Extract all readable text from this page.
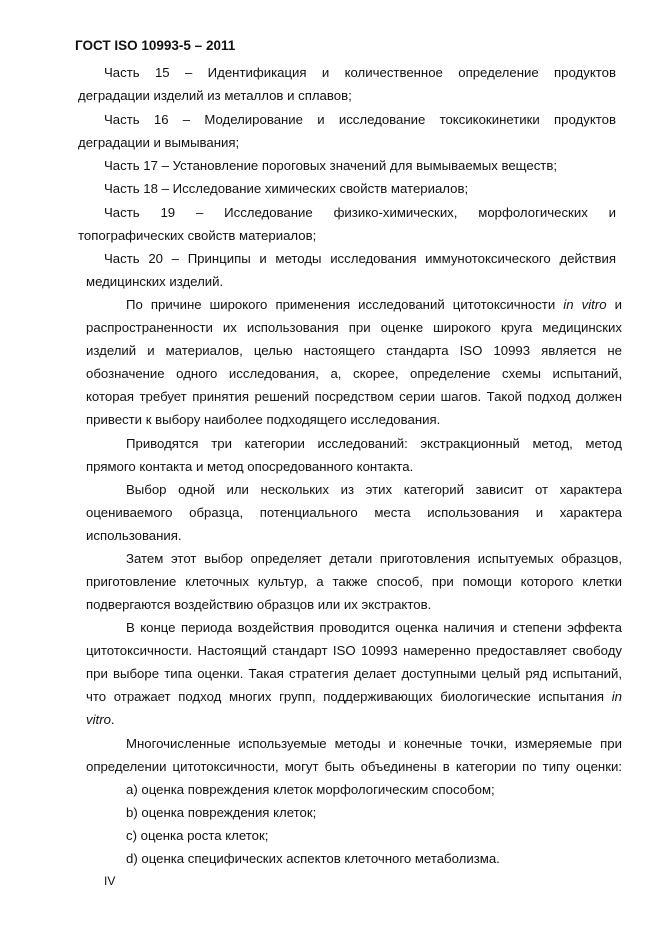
ГОСТ ISO 10993-5 – 2011
Часть 15 – Идентификация и количественное определение продуктов
деградации изделий из металлов и сплавов;
Часть 16 – Моделирование и исследование токсикокинетики продуктов
деградации и вымывания;
Часть 17 – Установление пороговых значений для вымываемых веществ;
Часть 18 – Исследование химических свойств материалов;
Часть 19 – Исследование физико-химических, морфологических и
топографических свойств материалов;
Часть 20 – Принципы и методы исследования иммунотоксического действия
медицинских изделий.
По причине широкого применения исследований цитотоксичности in vitro и
распространенности их использования при оценке широкого круга медицинских
изделий и материалов, целью настоящего стандарта ISO 10993 является не
обозначение одного исследования, а, скорее, определение схемы испытаний,
которая требует принятия решений посредством серии шагов. Такой подход должен
привести к выбору наиболее подходящего исследования.
Приводятся три категории исследований: экстракционный метод, метод
прямого контакта и метод опосредованного контакта.
Выбор одной или нескольких из этих категорий зависит от характера
оцениваемого образца, потенциального места использования и характера
использования.
Затем этот выбор определяет детали приготовления испытуемых образцов,
приготовление клеточных культур, а также способ, при помощи которого клетки
подвергаются воздействию образцов или их экстрактов.
В конце периода воздействия проводится оценка наличия и степени эффекта
цитотоксичности. Настоящий стандарт ISO 10993 намеренно предоставляет свободу
при выборе типа оценки. Такая стратегия делает доступными целый ряд испытаний,
что отражает подход многих групп, поддерживающих биологические испытания in
vitro.
Многочисленные используемые методы и конечные точки, измеряемые при
определении цитотоксичности, могут быть объединены в категории по типу оценки:
a) оценка повреждения клеток морфологическим способом;
b) оценка повреждения клеток;
c) оценка роста клеток;
d) оценка специфических аспектов клеточного метаболизма.
IV
